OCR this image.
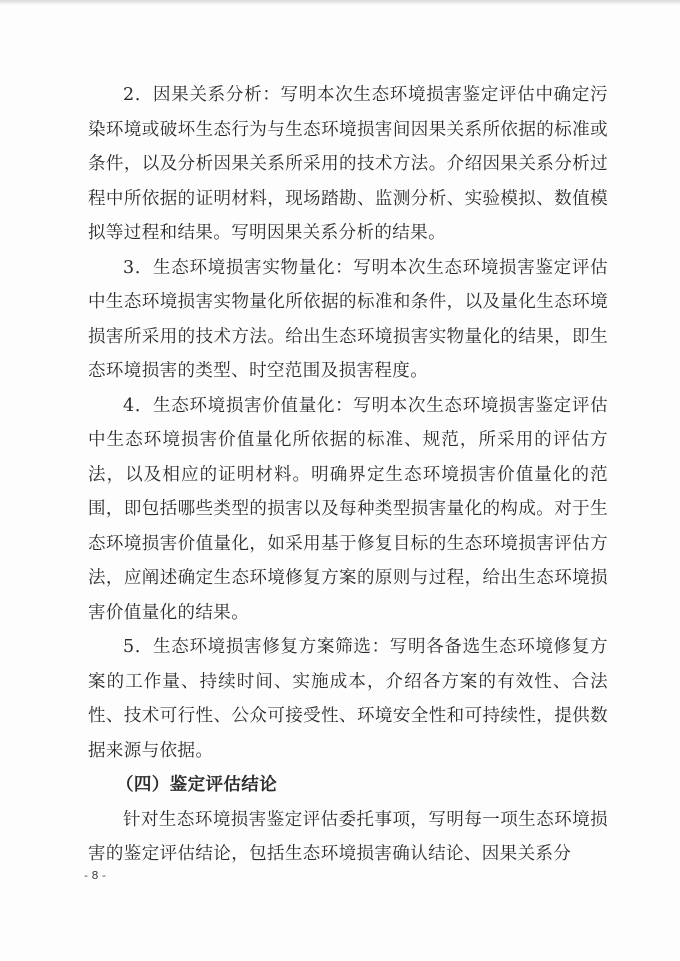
2．因果关系分析：写明本次生态环境损害鉴定评估中确定污染环境或破坏生态行为与生态环境损害间因果关系所依据的标准或条件，以及分析因果关系所采用的技术方法。介绍因果关系分析过程中所依据的证明材料，现场踏勘、监测分析、实验模拟、数值模拟等过程和结果。写明因果关系分析的结果。

3．生态环境损害实物量化：写明本次生态环境损害鉴定评估中生态环境损害实物量化所依据的标准和条件，以及量化生态环境损害所采用的技术方法。给出生态环境损害实物量化的结果，即生态环境损害的类型、时空范围及损害程度。

4．生态环境损害价值量化：写明本次生态环境损害鉴定评估中生态环境损害价值量化所依据的标准、规范，所采用的评估方法，以及相应的证明材料。明确界定生态环境损害价值量化的范围，即包括哪些类型的损害以及每种类型损害量化的构成。对于生态环境损害价值量化，如采用基于修复目标的生态环境损害评估方法，应阐述确定生态环境修复方案的原则与过程，给出生态环境损害价值量化的结果。

5．生态环境损害修复方案筛选：写明各备选生态环境修复方案的工作量、持续时间、实施成本，介绍各方案的有效性、合法性、技术可行性、公众可接受性、环境安全性和可持续性，提供数据来源与依据。

（四）鉴定评估结论

针对生态环境损害鉴定评估委托事项，写明每一项生态环境损害的鉴定评估结论，包括生态环境损害确认结论、因果关系分

- 8 -
